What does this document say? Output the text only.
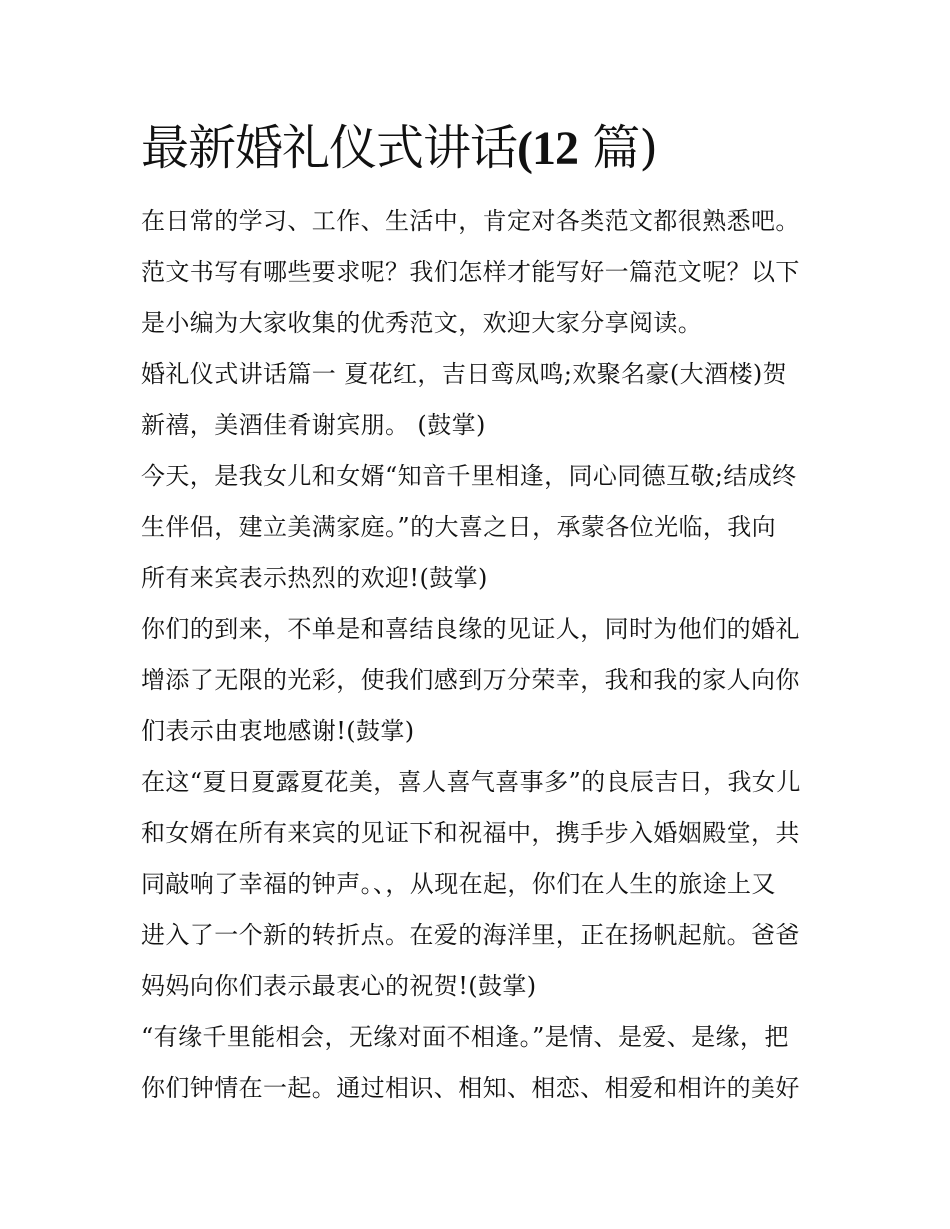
最新婚礼仪式讲话(12 篇)
在日常的学习、工作、生活中，肯定对各类范文都很熟悉吧。
范文书写有哪些要求呢？我们怎样才能写好一篇范文呢？以下
是小编为大家收集的优秀范文，欢迎大家分享阅读。
婚礼仪式讲话篇一 夏花红，吉日鸾凤鸣;欢聚名豪(大酒楼)贺
新禧，美酒佳肴谢宾朋。 (鼓掌)
今天，是我女儿和女婿“知音千里相逢，同心同德互敬;结成终
生伴侣，建立美满家庭。”的大喜之日，承蒙各位光临，我向
所有来宾表示热烈的欢迎!(鼓掌)
你们的到来，不单是和喜结良缘的见证人，同时为他们的婚礼
增添了无限的光彩，使我们感到万分荣幸，我和我的家人向你
们表示由衷地感谢!(鼓掌)
在这“夏日夏露夏花美，喜人喜气喜事多”的良辰吉日，我女儿
和女婿在所有来宾的见证下和祝福中，携手步入婚姻殿堂，共
同敲响了幸福的钟声。、，从现在起，你们在人生的旅途上又
进入了一个新的转折点。在爱的海洋里，正在扬帆起航。爸爸
妈妈向你们表示最衷心的祝贺!(鼓掌)
“有缘千里能相会，无缘对面不相逢。”是情、是爱、是缘，把
你们钟情在一起。通过相识、相知、相恋、相爱和相许的美好
